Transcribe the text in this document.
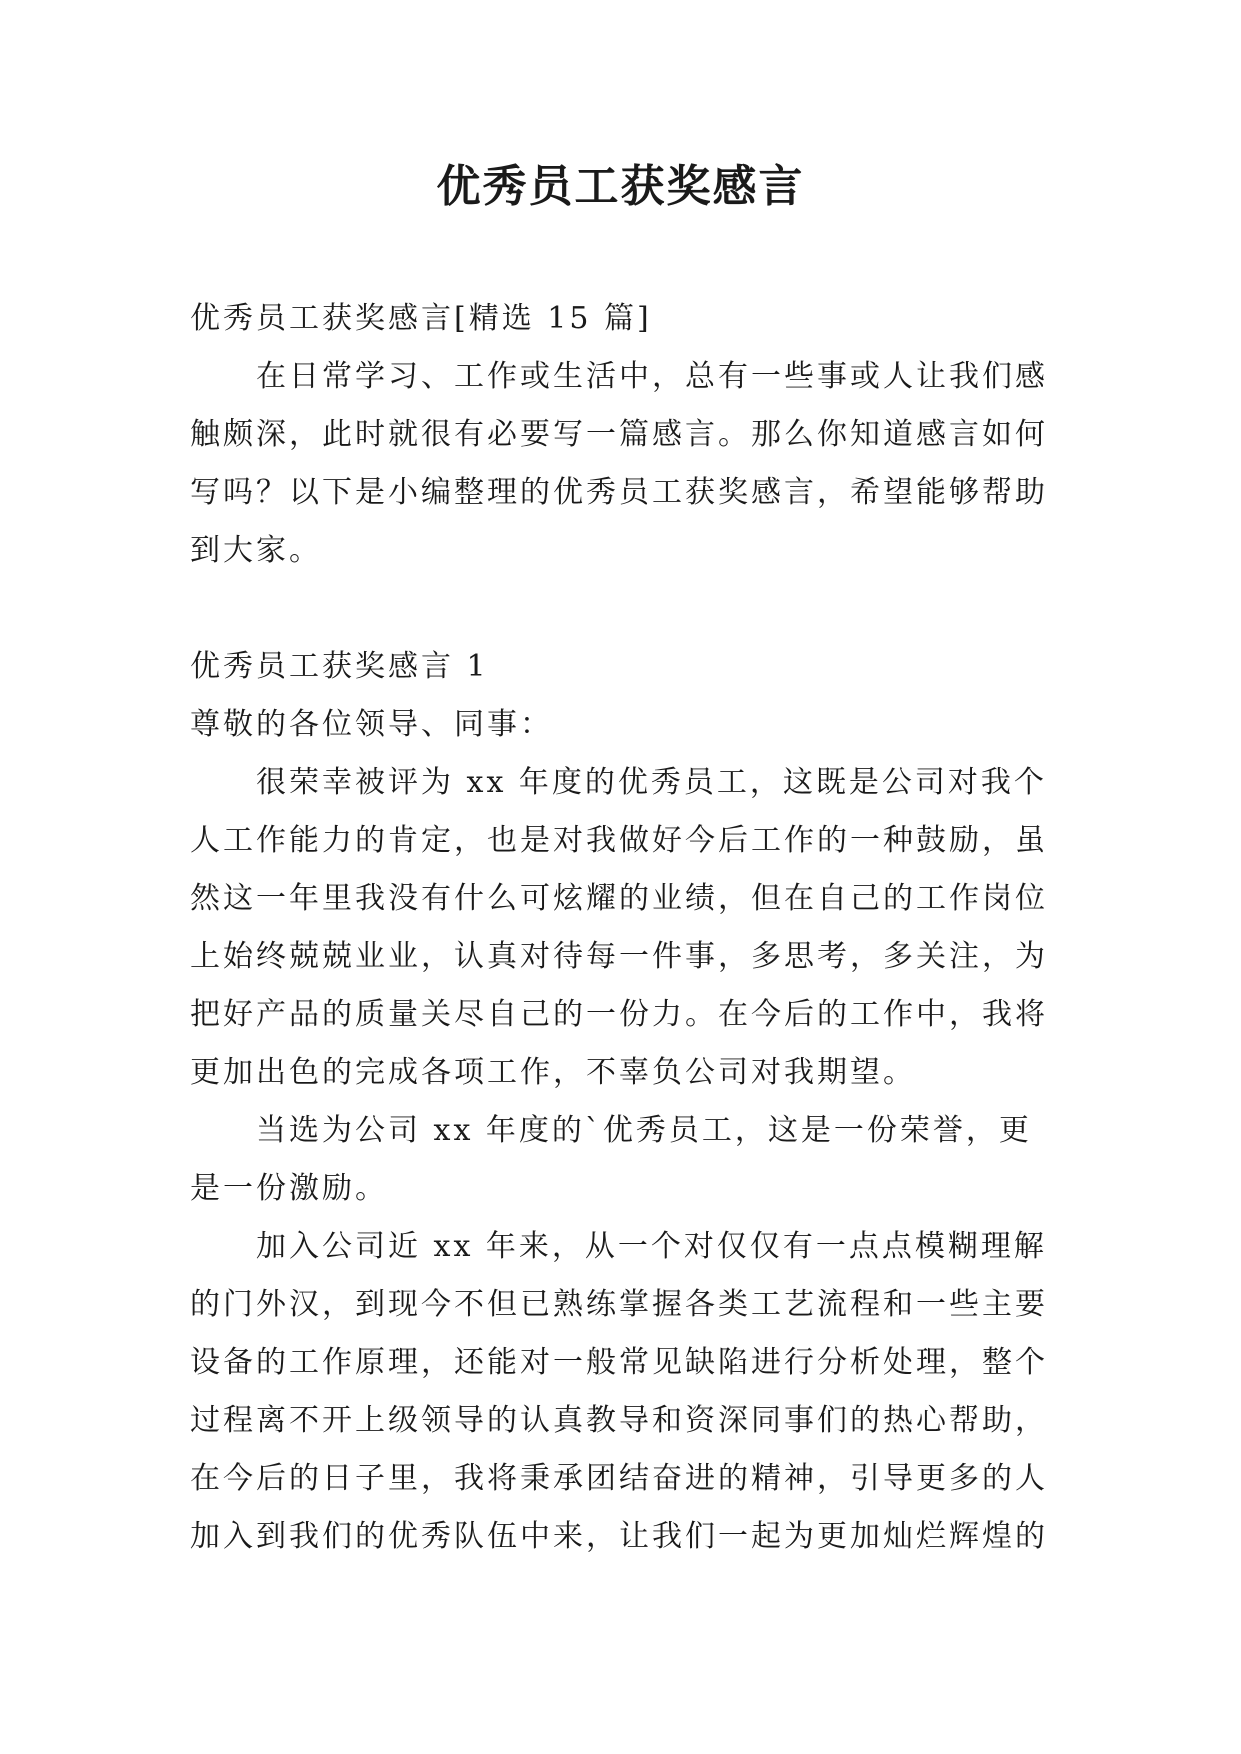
优秀员工获奖感言

优秀员工获奖感言[精选 15 篇]

在日常学习、工作或生活中，总有一些事或人让我们感触颇深，此时就很有必要写一篇感言。那么你知道感言如何写吗？以下是小编整理的优秀员工获奖感言，希望能够帮助到大家。

优秀员工获奖感言 1

尊敬的各位领导、同事：

很荣幸被评为 xx 年度的优秀员工，这既是公司对我个人工作能力的肯定，也是对我做好今后工作的一种鼓励，虽然这一年里我没有什么可炫耀的业绩，但在自己的工作岗位上始终兢兢业业，认真对待每一件事，多思考，多关注，为把好产品的质量关尽自己的一份力。在今后的工作中，我将更加出色的完成各项工作，不辜负公司对我期望。

当选为公司 xx 年度的`优秀员工，这是一份荣誉，更是一份激励。

加入公司近 xx 年来，从一个对仅仅有一点点模糊理解的门外汉，到现今不但已熟练掌握各类工艺流程和一些主要设备的工作原理，还能对一般常见缺陷进行分析处理，整个过程离不开上级领导的认真教导和资深同事们的热心帮助，在今后的日子里，我将秉承团结奋进的精神，引导更多的人加入到我们的优秀队伍中来，让我们一起为更加灿烂辉煌的
